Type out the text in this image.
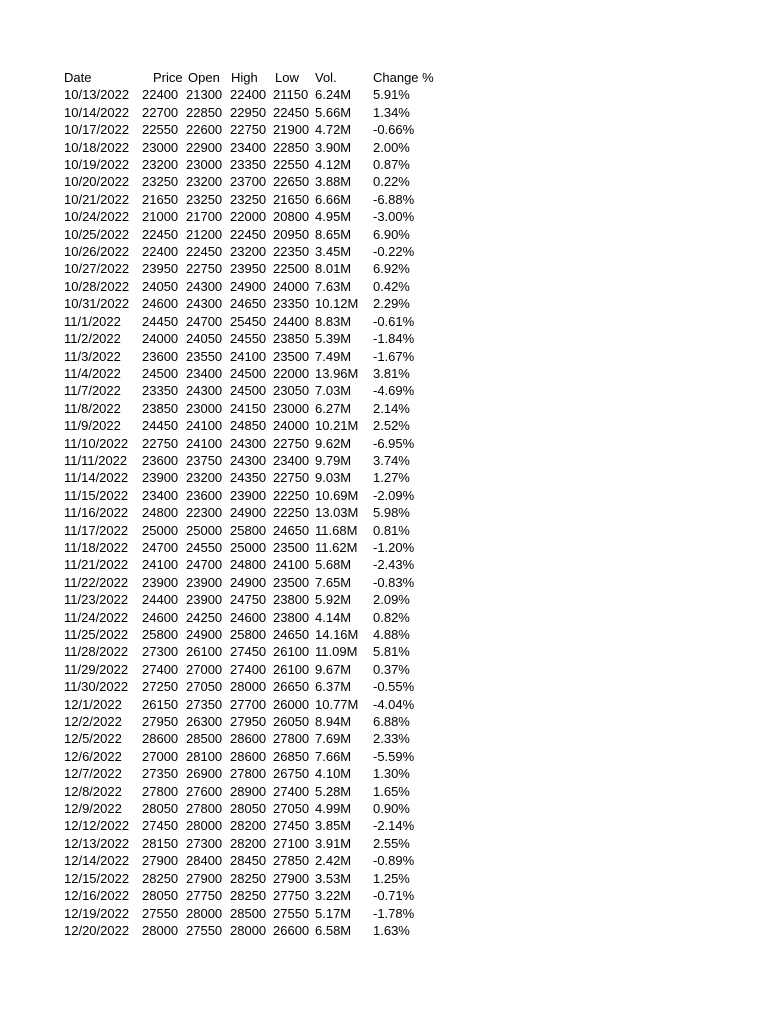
Date	Price	Open	High	Low	Vol.	Change %
10/13/2022	22400	21300	22400	21150	6.24M	5.91%
10/14/2022	22700	22850	22950	22450	5.66M	1.34%
10/17/2022	22550	22600	22750	21900	4.72M	-0.66%
10/18/2022	23000	22900	23400	22850	3.90M	2.00%
10/19/2022	23200	23000	23350	22550	4.12M	0.87%
10/20/2022	23250	23200	23700	22650	3.88M	0.22%
10/21/2022	21650	23250	23250	21650	6.66M	-6.88%
10/24/2022	21000	21700	22000	20800	4.95M	-3.00%
10/25/2022	22450	21200	22450	20950	8.65M	6.90%
10/26/2022	22400	22450	23200	22350	3.45M	-0.22%
10/27/2022	23950	22750	23950	22500	8.01M	6.92%
10/28/2022	24050	24300	24900	24000	7.63M	0.42%
10/31/2022	24600	24300	24650	23350	10.12M	2.29%
11/1/2022	24450	24700	25450	24400	8.83M	-0.61%
11/2/2022	24000	24050	24550	23850	5.39M	-1.84%
11/3/2022	23600	23550	24100	23500	7.49M	-1.67%
11/4/2022	24500	23400	24500	22000	13.96M	3.81%
11/7/2022	23350	24300	24500	23050	7.03M	-4.69%
11/8/2022	23850	23000	24150	23000	6.27M	2.14%
11/9/2022	24450	24100	24850	24000	10.21M	2.52%
11/10/2022	22750	24100	24300	22750	9.62M	-6.95%
11/11/2022	23600	23750	24300	23400	9.79M	3.74%
11/14/2022	23900	23200	24350	22750	9.03M	1.27%
11/15/2022	23400	23600	23900	22250	10.69M	-2.09%
11/16/2022	24800	22300	24900	22250	13.03M	5.98%
11/17/2022	25000	25000	25800	24650	11.68M	0.81%
11/18/2022	24700	24550	25000	23500	11.62M	-1.20%
11/21/2022	24100	24700	24800	24100	5.68M	-2.43%
11/22/2022	23900	23900	24900	23500	7.65M	-0.83%
11/23/2022	24400	23900	24750	23800	5.92M	2.09%
11/24/2022	24600	24250	24600	23800	4.14M	0.82%
11/25/2022	25800	24900	25800	24650	14.16M	4.88%
11/28/2022	27300	26100	27450	26100	11.09M	5.81%
11/29/2022	27400	27000	27400	26100	9.67M	0.37%
11/30/2022	27250	27050	28000	26650	6.37M	-0.55%
12/1/2022	26150	27350	27700	26000	10.77M	-4.04%
12/2/2022	27950	26300	27950	26050	8.94M	6.88%
12/5/2022	28600	28500	28600	27800	7.69M	2.33%
12/6/2022	27000	28100	28600	26850	7.66M	-5.59%
12/7/2022	27350	26900	27800	26750	4.10M	1.30%
12/8/2022	27800	27600	28900	27400	5.28M	1.65%
12/9/2022	28050	27800	28050	27050	4.99M	0.90%
12/12/2022	27450	28000	28200	27450	3.85M	-2.14%
12/13/2022	28150	27300	28200	27100	3.91M	2.55%
12/14/2022	27900	28400	28450	27850	2.42M	-0.89%
12/15/2022	28250	27900	28250	27900	3.53M	1.25%
12/16/2022	28050	27750	28250	27750	3.22M	-0.71%
12/19/2022	27550	28000	28500	27550	5.17M	-1.78%
12/20/2022	28000	27550	28000	26600	6.58M	1.63%
